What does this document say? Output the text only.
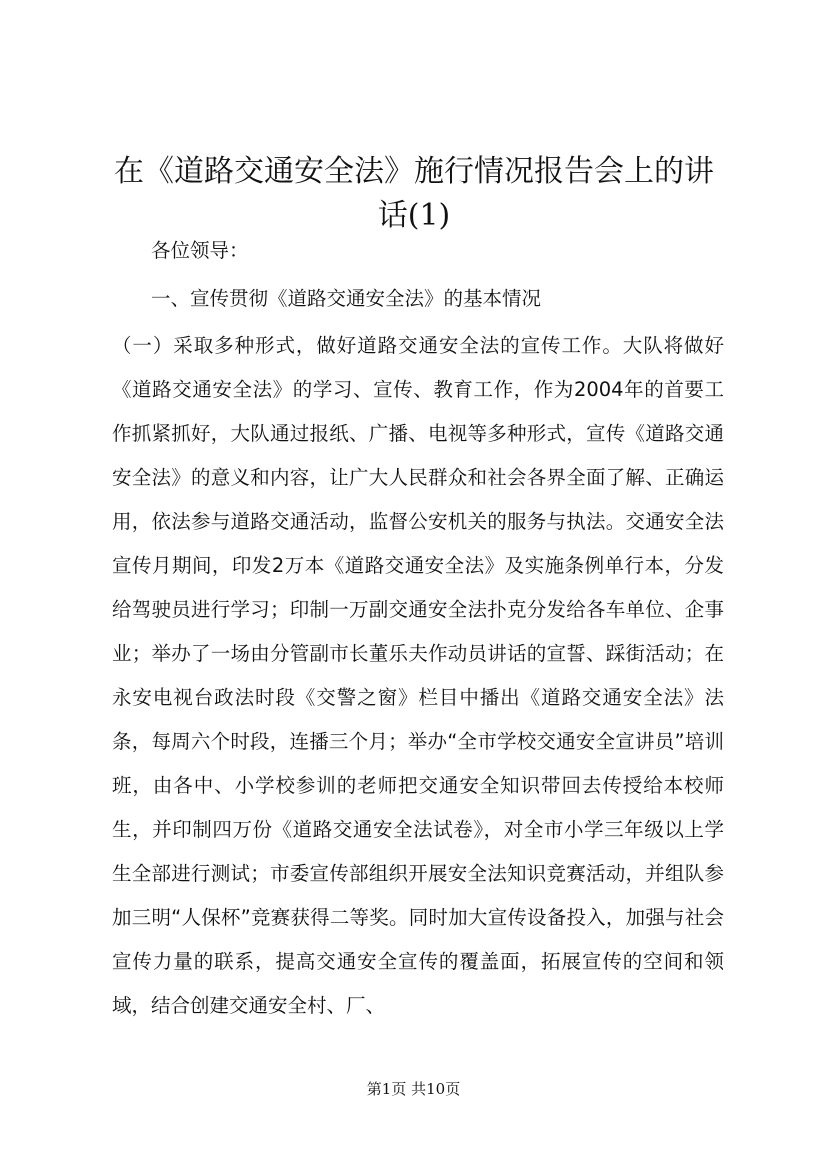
在《道路交通安全法》施行情况报告会上的讲话(1)

各位领导：

一、宣传贯彻《道路交通安全法》的基本情况

（一）采取多种形式，做好道路交通安全法的宣传工作。大队将做好《道路交通安全法》的学习、宣传、教育工作，作为2004年的首要工作抓紧抓好，大队通过报纸、广播、电视等多种形式，宣传《道路交通安全法》的意义和内容，让广大人民群众和社会各界全面了解、正确运用，依法参与道路交通活动，监督公安机关的服务与执法。交通安全法宣传月期间，印发2万本《道路交通安全法》及实施条例单行本，分发给驾驶员进行学习；印制一万副交通安全法扑克分发给各车单位、企事业；举办了一场由分管副市长董乐夫作动员讲话的宣誓、踩街活动；在永安电视台政法时段《交警之窗》栏目中播出《道路交通安全法》法条，每周六个时段，连播三个月；举办“全市学校交通安全宣讲员”培训班，由各中、小学校参训的老师把交通安全知识带回去传授给本校师生，并印制四万份《道路交通安全法试卷》，对全市小学三年级以上学生全部进行测试；市委宣传部组织开展安全法知识竞赛活动，并组队参加三明“人保杯”竞赛获得二等奖。同时加大宣传设备投入，加强与社会宣传力量的联系，提高交通安全宣传的覆盖面，拓展宣传的空间和领域，结合创建交通安全村、厂、

第1页 共10页
